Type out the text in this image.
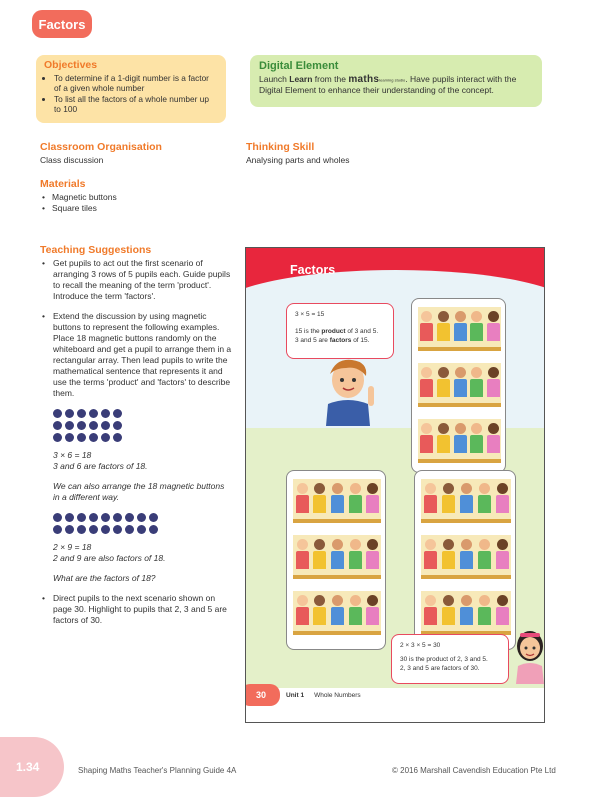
Factors
Objectives
• To determine if a 1-digit number is a factor of a given whole number
• To list all the factors of a whole number up to 100
Digital Element

Launch Learn from the mathslearning studio. Have pupils interact with the Digital Element to enhance their understanding of the concept.

Classroom Organisation
Class discussion
Thinking Skill
Analysing parts and wholes
Materials
• Magnetic buttons
• Square tiles
Teaching Suggestions
• Get pupils to act out the first scenario of arranging 3 rows of 5 pupils each. Guide pupils to recall the meaning of the term 'product'. Introduce the term 'factors'.
• Extend the discussion by using magnetic buttons to represent the following examples. Place 18 magnetic buttons randomly on the whiteboard and get a pupil to arrange them in a rectangular array. Then lead pupils to write the mathematical sentence that represents it and use the terms 'product' and 'factors' to describe them.
3 × 6 = 18
3 and 6 are factors of 18.
We can also arrange the 18 magnetic buttons in a different way.
2 × 9 = 18
2 and 9 are also factors of 18.
What are the factors of 18?
• Direct pupils to the next scenario shown on page 30. Highlight to pupils that 2, 3 and 5 are factors of 30.
Factors
3 × 5 = 15
15 is the product of 3 and 5.
3 and 5 are factors of 15.
2 × 3 × 5 = 30
30 is the product of 2, 3 and 5.
2, 3 and 5 are factors of 30.
30	Unit 1 Whole Numbers
1.34	Shaping Maths Teacher's Planning Guide 4A	© 2016 Marshall Cavendish Education Pte Ltd
